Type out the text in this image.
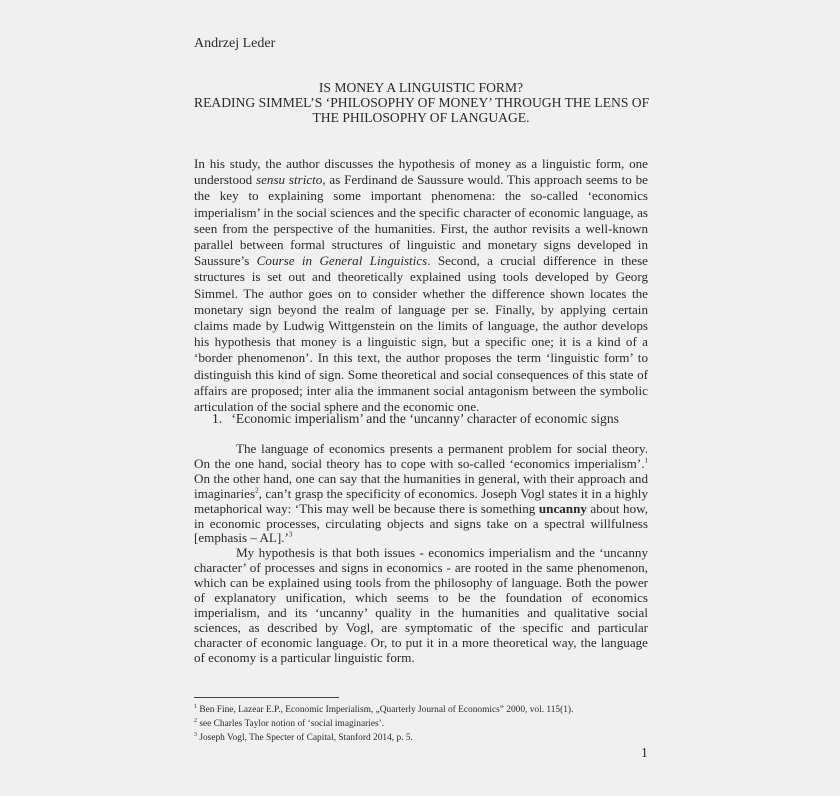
Andrzej Leder

IS MONEY A LINGUISTIC FORM?
READING SIMMEL’S ‘PHILOSOPHY OF MONEY’ THROUGH THE LENS OF
THE PHILOSOPHY OF LANGUAGE.

In his study, the author discusses the hypothesis of money as a linguistic form, one understood sensu stricto, as Ferdinand de Saussure would. This approach seems to be the key to explaining some important phenomena: the so-called ‘economics imperialism’ in the social sciences and the specific character of economic language, as seen from the perspective of the humanities. First, the author revisits a well-known parallel between formal structures of linguistic and monetary signs developed in Saussure’s Course in General Linguistics. Second, a crucial difference in these structures is set out and theoretically explained using tools developed by Georg Simmel. The author goes on to consider whether the difference shown locates the monetary sign beyond the realm of language per se. Finally, by applying certain claims made by Ludwig Wittgenstein on the limits of language, the author develops his hypothesis that money is a linguistic sign, but a specific one; it is a kind of a ‘border phenomenon’. In this text, the author proposes the term ‘linguistic form’ to distinguish this kind of sign. Some theoretical and social consequences of this state of affairs are proposed; inter alia the immanent social antagonism between the symbolic articulation of the social sphere and the economic one.

1. ‘Economic imperialism’ and the ‘uncanny’ character of economic signs

The language of economics presents a permanent problem for social theory. On the one hand, social theory has to cope with so-called ‘economics imperialism’.$^1$ On the other hand, one can say that the humanities in general, with their approach and imaginaries$^2$, can’t grasp the specificity of economics. Joseph Vogl states it in a highly metaphorical way: ‘This may well be because there is something uncanny about how, in economic processes, circulating objects and signs take on a spectral willfulness [emphasis – AL].’$^3$

My hypothesis is that both issues - economics imperialism and the ‘uncanny character’ of processes and signs in economics - are rooted in the same phenomenon, which can be explained using tools from the philosophy of language. Both the power of explanatory unification, which seems to be the foundation of economics imperialism, and its ‘uncanny’ quality in the humanities and qualitative social sciences, as described by Vogl, are symptomatic of the specific and particular character of economic language. Or, to put it in a more theoretical way, the language of economy is a particular linguistic form.

$^1$ Ben Fine, Lazear E.P., Economic Imperialism, „Quarterly Journal of Economics” 2000, vol. 115(1).
$^2$ see Charles Taylor notion of ‘social imaginaries’.
$^3$ Joseph Vogl, The Specter of Capital, Stanford 2014, p. 5.
1
